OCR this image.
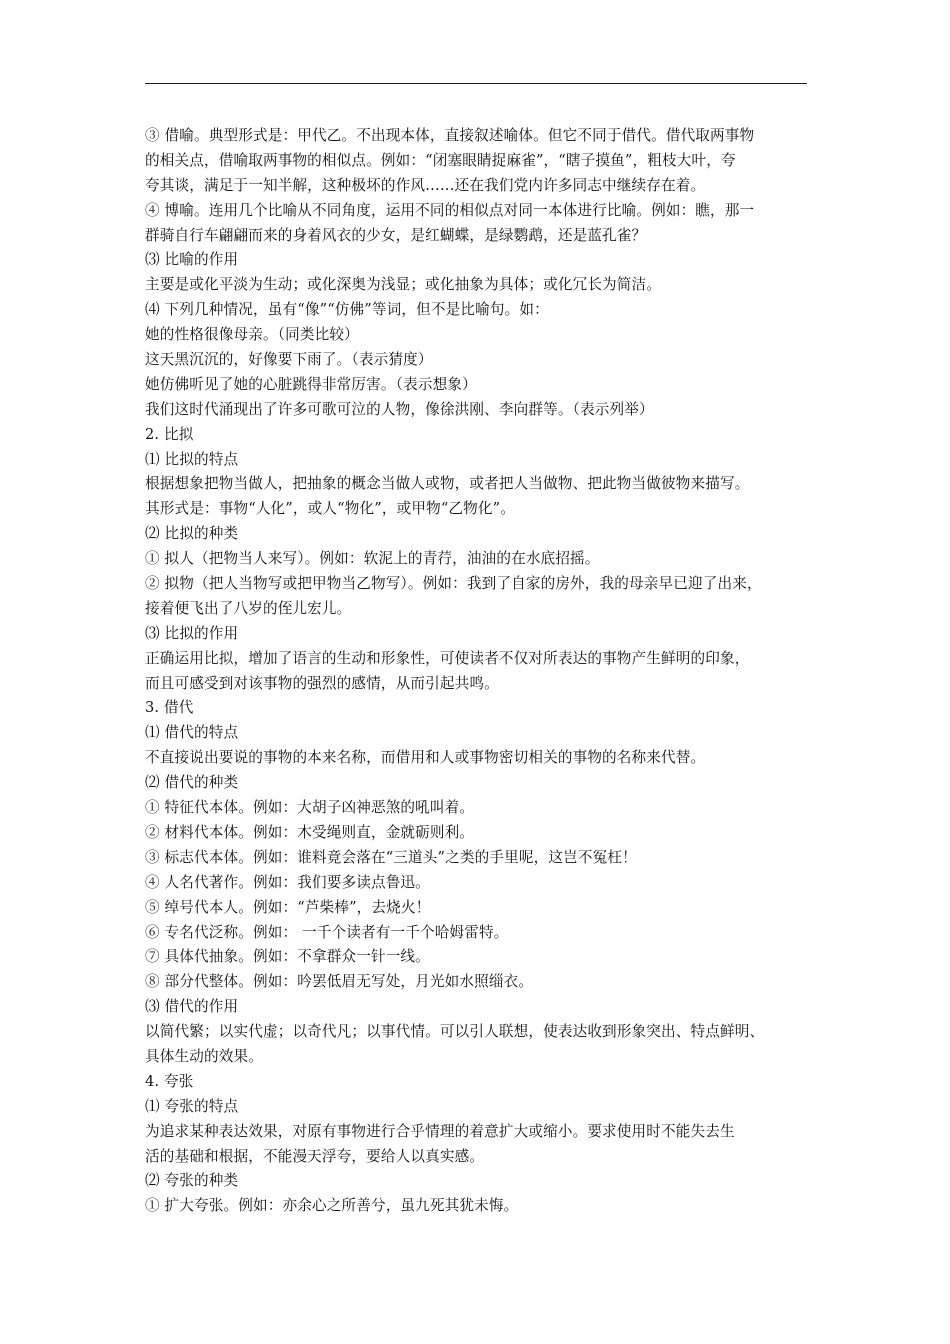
③ 借喻。典型形式是：甲代乙。不出现本体，直接叙述喻体。但它不同于借代。借代取两事物
的相关点，借喻取两事物的相似点。例如：“闭塞眼睛捉麻雀”，“瞎子摸鱼”，粗枝大叶，夸
夸其谈，满足于一知半解，这种极坏的作风……还在我们党内许多同志中继续存在着。
④ 博喻。连用几个比喻从不同角度，运用不同的相似点对同一本体进行比喻。例如：瞧，那一
群骑自行车翩翩而来的身着风衣的少女，是红蝴蝶，是绿鹦鹉，还是蓝孔雀？
⑶ 比喻的作用
主要是或化平淡为生动；或化深奥为浅显；或化抽象为具体；或化冗长为简洁。
⑷ 下列几种情况，虽有“像”“仿佛”等词，但不是比喻句。如：
她的性格很像母亲。（同类比较）
这天黑沉沉的，好像要下雨了。（表示猜度）
她仿佛听见了她的心脏跳得非常厉害。（表示想象）
我们这时代涌现出了许多可歌可泣的人物，像徐洪刚、李向群等。（表示列举）
2. 比拟
⑴ 比拟的特点
根据想象把物当做人，把抽象的概念当做人或物，或者把人当做物、把此物当做彼物来描写。
其形式是：事物“人化”，或人“物化”，或甲物“乙物化”。
⑵ 比拟的种类
① 拟人（把物当人来写）。例如：软泥上的青荇，油油的在水底招摇。
② 拟物（把人当物写或把甲物当乙物写）。例如：我到了自家的房外，我的母亲早已迎了出来，
接着便飞出了八岁的侄儿宏儿。
⑶ 比拟的作用
正确运用比拟，增加了语言的生动和形象性，可使读者不仅对所表达的事物产生鲜明的印象，
而且可感受到对该事物的强烈的感情，从而引起共鸣。
3. 借代
⑴ 借代的特点
不直接说出要说的事物的本来名称，而借用和人或事物密切相关的事物的名称来代替。
⑵ 借代的种类
① 特征代本体。例如：大胡子凶神恶煞的吼叫着。
② 材料代本体。例如：木受绳则直，金就砺则利。
③ 标志代本体。例如：谁料竟会落在“三道头”之类的手里呢，这岂不冤枉！
④ 人名代著作。例如：我们要多读点鲁迅。
⑤ 绰号代本人。例如：“芦柴棒”，去烧火！
⑥ 专名代泛称。例如： 一千个读者有一千个哈姆雷特。
⑦ 具体代抽象。例如：不拿群众一针一线。
⑧ 部分代整体。例如：吟罢低眉无写处，月光如水照缁衣。
⑶ 借代的作用
以简代繁；以实代虚；以奇代凡；以事代情。可以引人联想，使表达收到形象突出、特点鲜明、
具体生动的效果。
4. 夸张
⑴ 夸张的特点
为追求某种表达效果，对原有事物进行合乎情理的着意扩大或缩小。要求使用时不能失去生
活的基础和根据，不能漫天浮夸，要给人以真实感。
⑵ 夸张的种类
① 扩大夸张。例如：亦余心之所善兮，虽九死其犹未悔。
